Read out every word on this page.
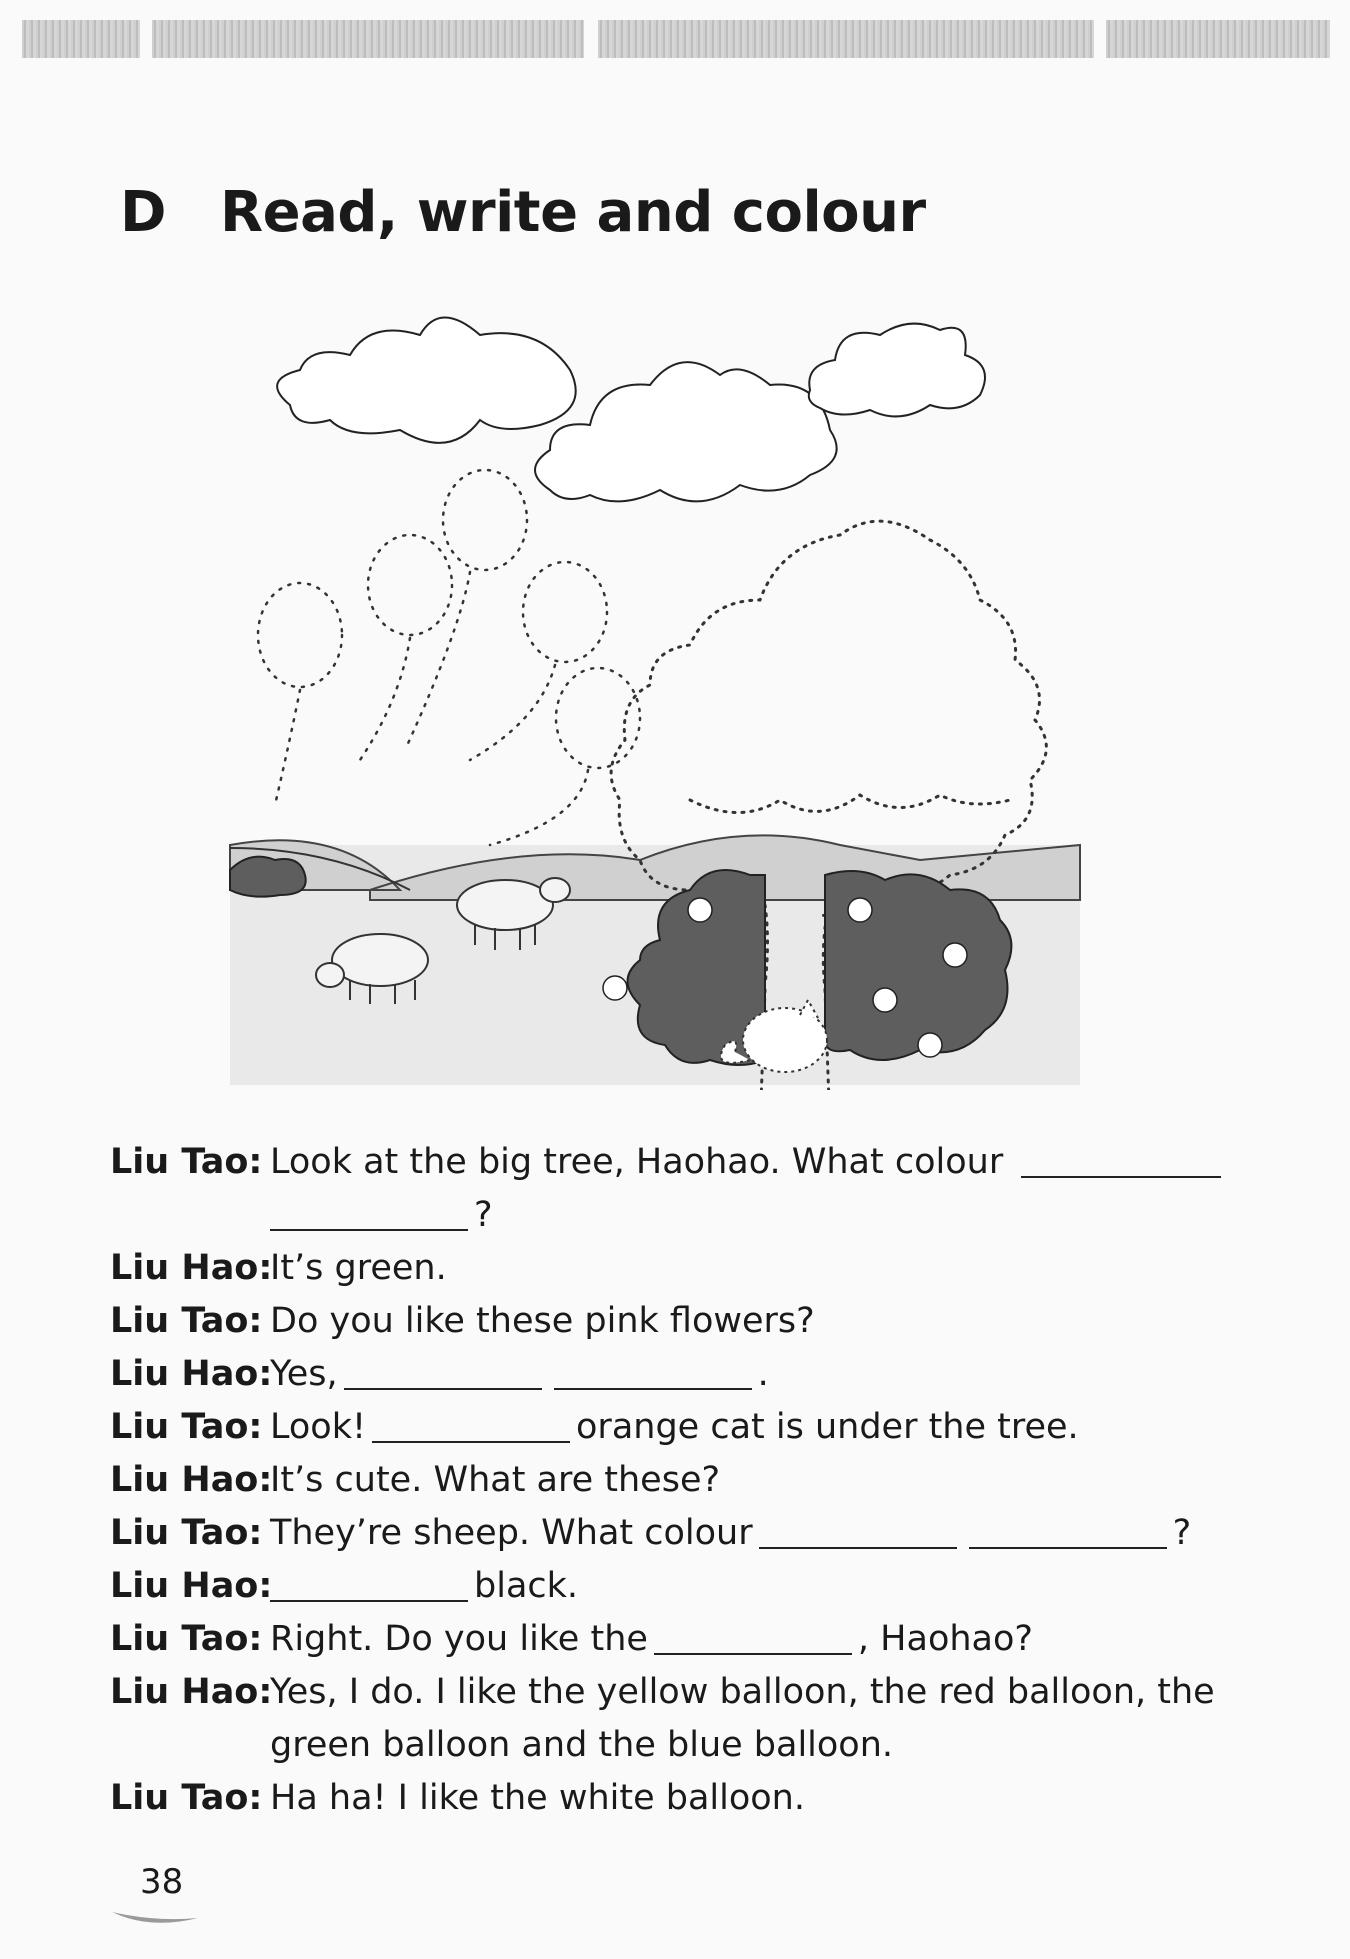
D Read, write and colour
Liu Tao: Look at the big tree, Haohao. What colour
?
Liu Hao:
It’s green.
Liu Tao: Do you like these pink flowers?
Liu Hao:
Yes,	.
Liu Tao: Look!	orange cat is under the tree.
Liu Hao:
It’s cute. What are these?
Liu Tao: They’re sheep. What colour	?
Liu Hao:	black.
Liu Tao: Right. Do you like the	, Haohao?
Liu Hao:
Yes, I do. I like the yellow balloon, the red balloon, the
green balloon and the blue balloon.
Liu Tao: Ha ha! I like the white balloon.
38
